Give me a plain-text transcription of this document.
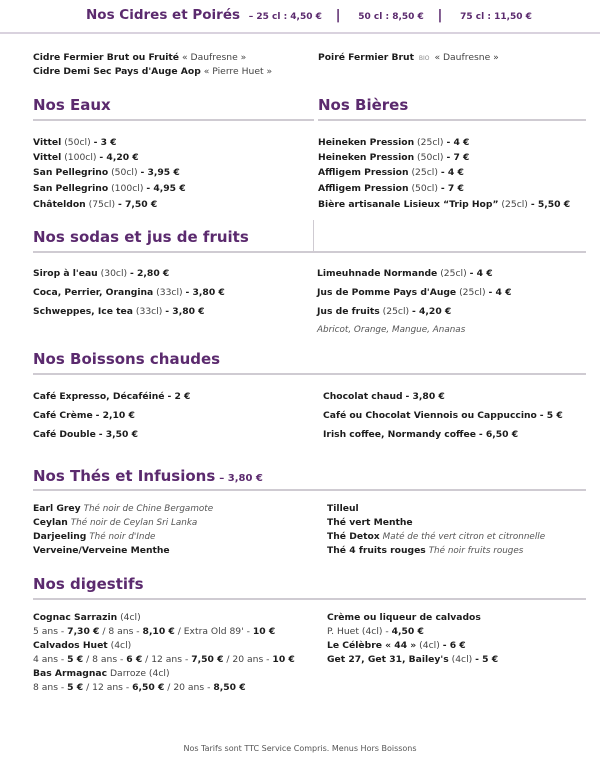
Nos Cidres et Poirés – 25 cl : 4,50 € | 50 cl : 8,50 € | 75 cl : 11,50 €
Cidre Fermier Brut ou Fruité « Daufresne »
Cidre Demi Sec Pays d'Auge Aop « Pierre Huet »
Poiré Fermier Brut BIO « Daufresne »
Nos Eaux	Nos Bières
Vittel (50cl) - 3 €
Vittel (100cl) - 4,20 €
San Pellegrino (50cl) - 3,95 €
San Pellegrino (100cl) - 4,95 €
Châteldon (75cl) - 7,50 €
Heineken Pression (25cl) - 4 €
Heineken Pression (50cl) - 7 €
Affligem Pression (25cl) - 4 €
Affligem Pression (50cl) - 7 €
Bière artisanale Lisieux “Trip Hop” (25cl) - 5,50 €
Nos sodas et jus de fruits
Sirop à l'eau (30cl) - 2,80 €
Coca, Perrier, Orangina (33cl) - 3,80 €
Schweppes, Ice tea (33cl) - 3,80 €
Limeuhnade Normande (25cl) - 4 €
Jus de Pomme Pays d'Auge (25cl) - 4 €
Jus de fruits (25cl) - 4,20 €
Abricot, Orange, Mangue, Ananas
Nos Boissons chaudes
Café Expresso, Décaféiné - 2 €
Café Crème - 2,10 €
Café Double - 3,50 €
Chocolat chaud - 3,80 €
Café ou Chocolat Viennois ou Cappuccino - 5 €
Irish coffee, Normandy coffee - 6,50 €
Nos Thés et Infusions – 3,80 €
Earl Grey Thé noir de Chine Bergamote
Ceylan Thé noir de Ceylan Sri Lanka
Darjeeling Thé noir d'Inde
Verveine/Verveine Menthe
Tilleul
Thé vert Menthe
Thé Detox Maté de thé vert citron et citronnelle
Thé 4 fruits rouges Thé noir fruits rouges
Nos digestifs
Cognac Sarrazin (4cl)
5 ans - 7,30 € / 8 ans - 8,10 € / Extra Old 89' - 10 €
Calvados Huet (4cl)
4 ans - 5 € / 8 ans - 6 € / 12 ans - 7,50 € / 20 ans - 10 €
Bas Armagnac Darroze (4cl)
8 ans - 5 € / 12 ans - 6,50 € / 20 ans - 8,50 €
Crème ou liqueur de calvados
P. Huet (4cl) - 4,50 €
Le Célèbre « 44 » (4cl) - 6 €
Get 27, Get 31, Bailey's (4cl) - 5 €
Nos Tarifs sont TTC Service Compris. Menus Hors Boissons
